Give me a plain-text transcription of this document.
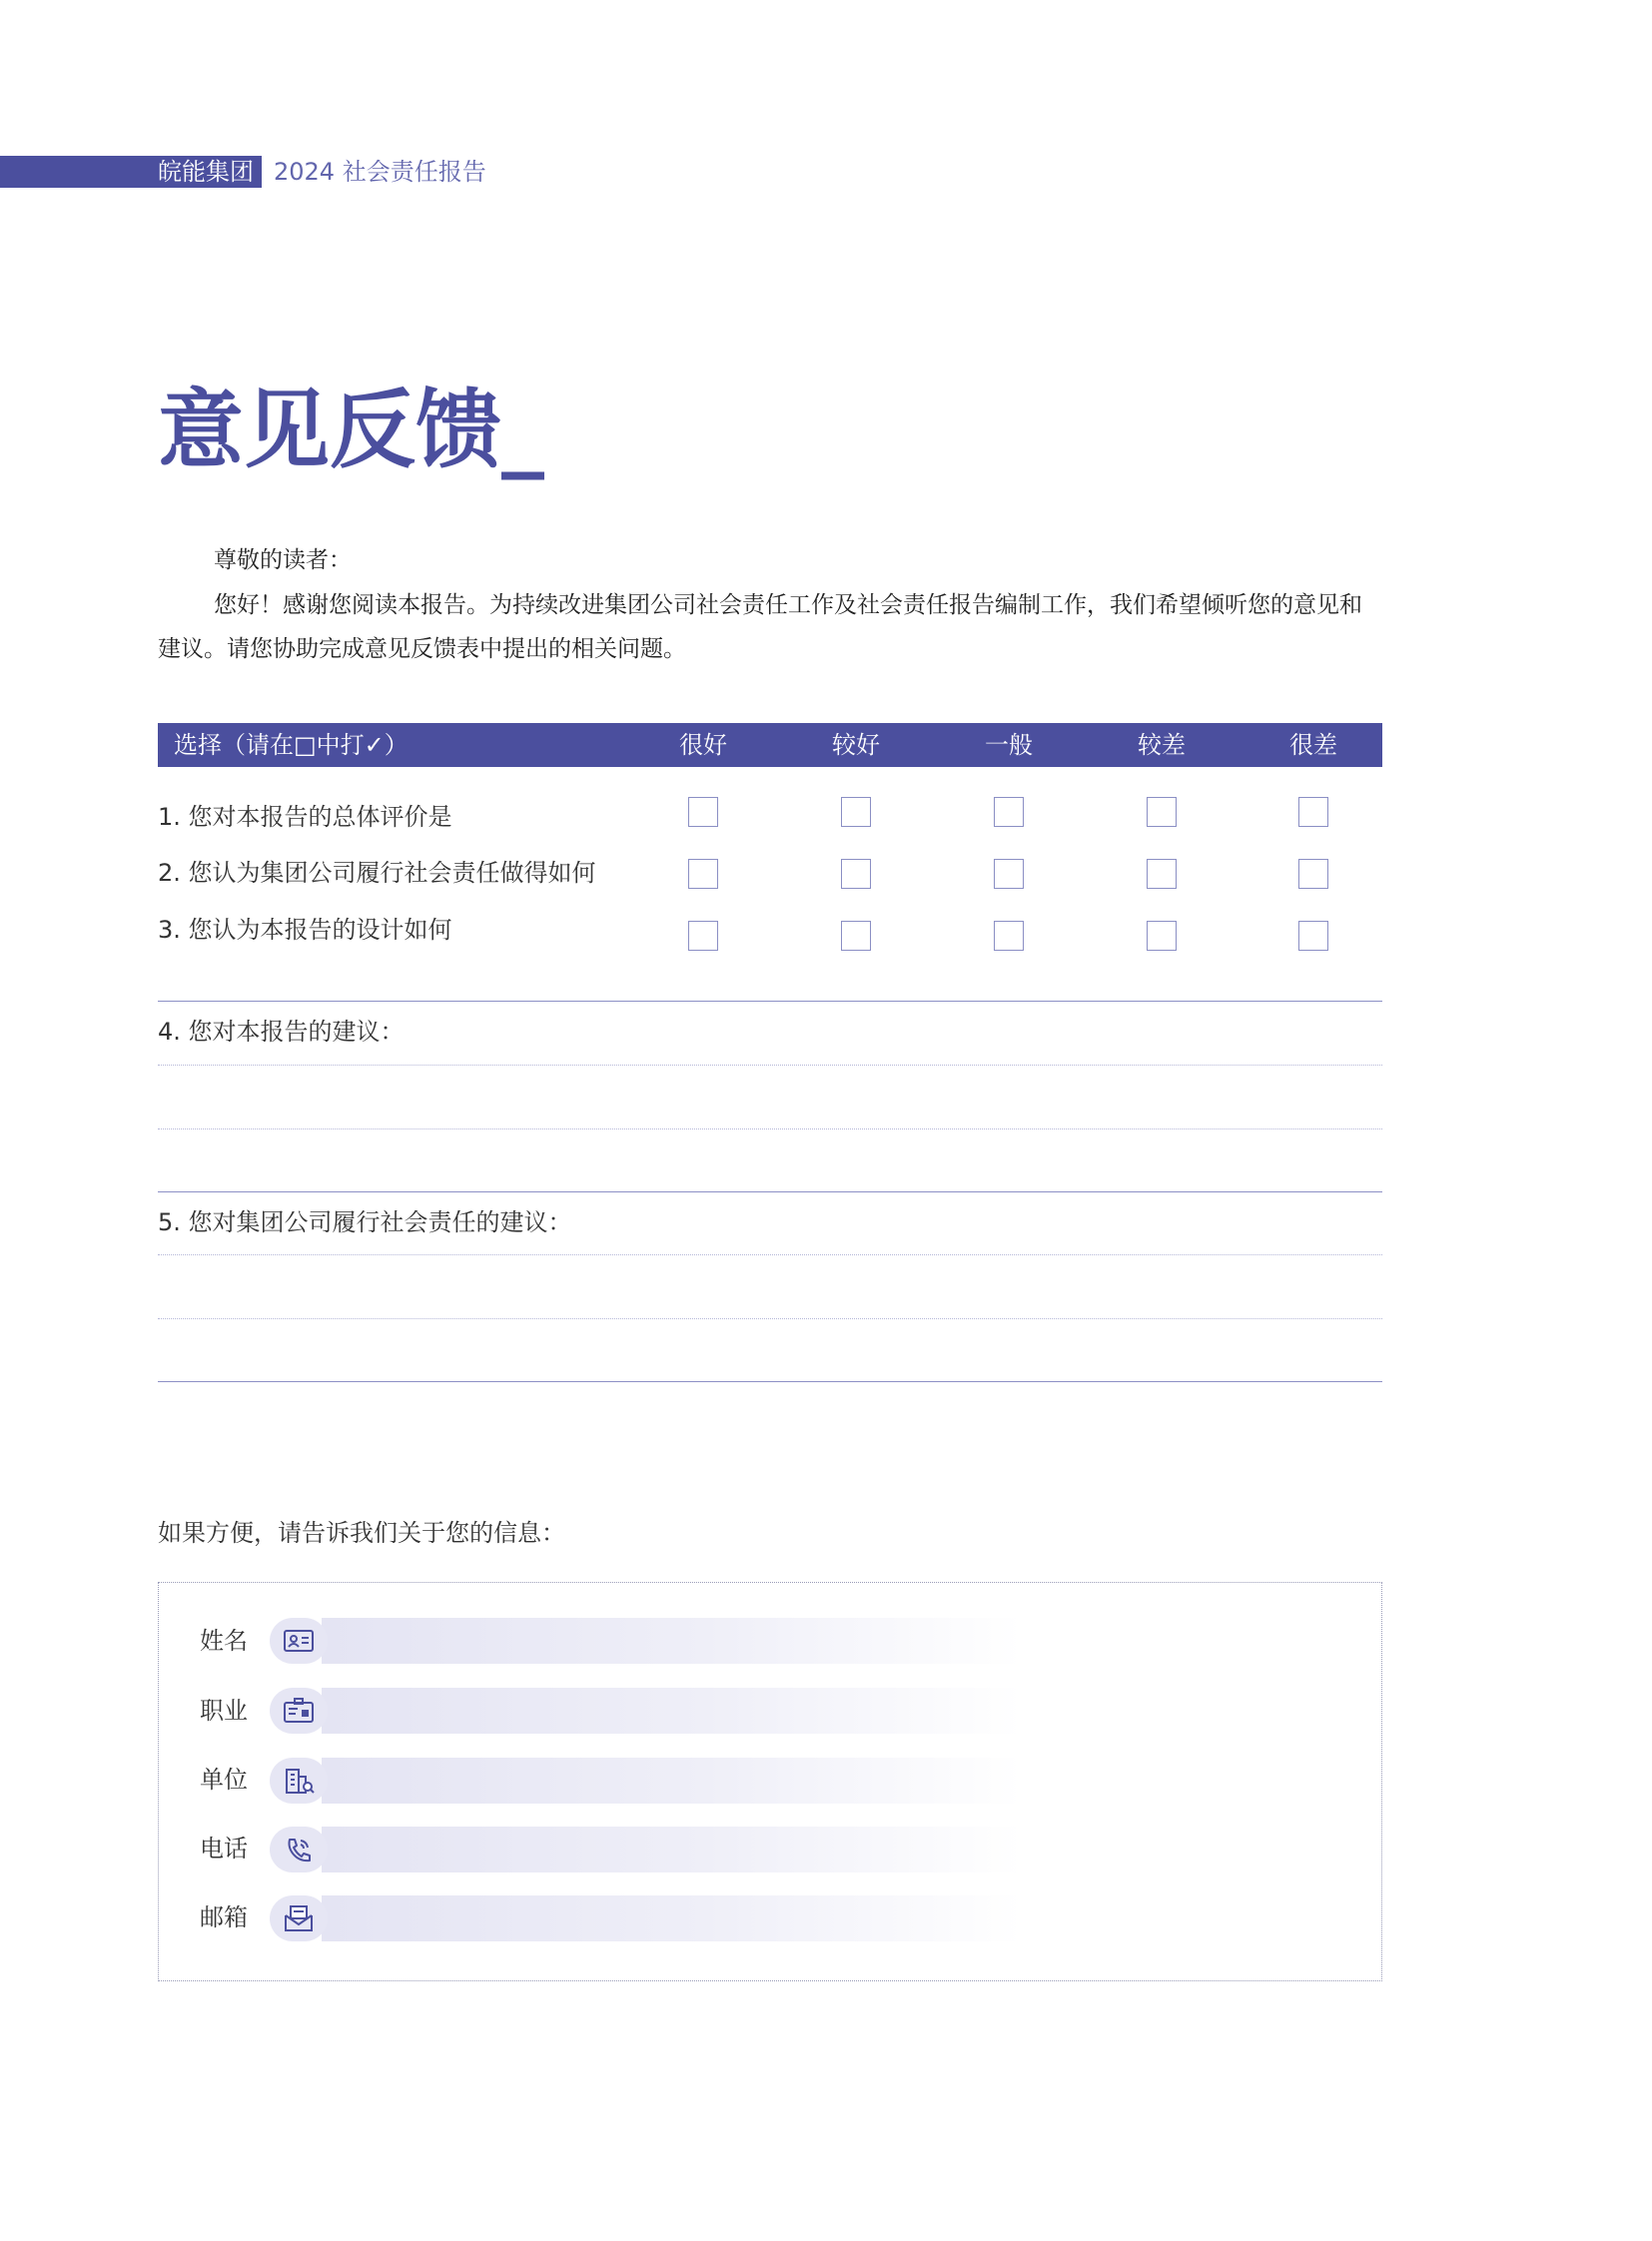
皖能集团 2024 社会责任报告
意见反馈_
尊敬的读者：
您好！感谢您阅读本报告。为持续改进集团公司社会责任工作及社会责任报告编制工作，我们希望倾听您的意见和建议。请您协助完成意见反馈表中提出的相关问题。
选择（请在□中打✓）	很好	较好	一般	较差	很差
1. 您对本报告的总体评价是
2. 您认为集团公司履行社会责任做得如何
3. 您认为本报告的设计如何
4. 您对本报告的建议：
5. 您对集团公司履行社会责任的建议：
如果方便，请告诉我们关于您的信息：
姓名
职业
单位
电话
邮箱
